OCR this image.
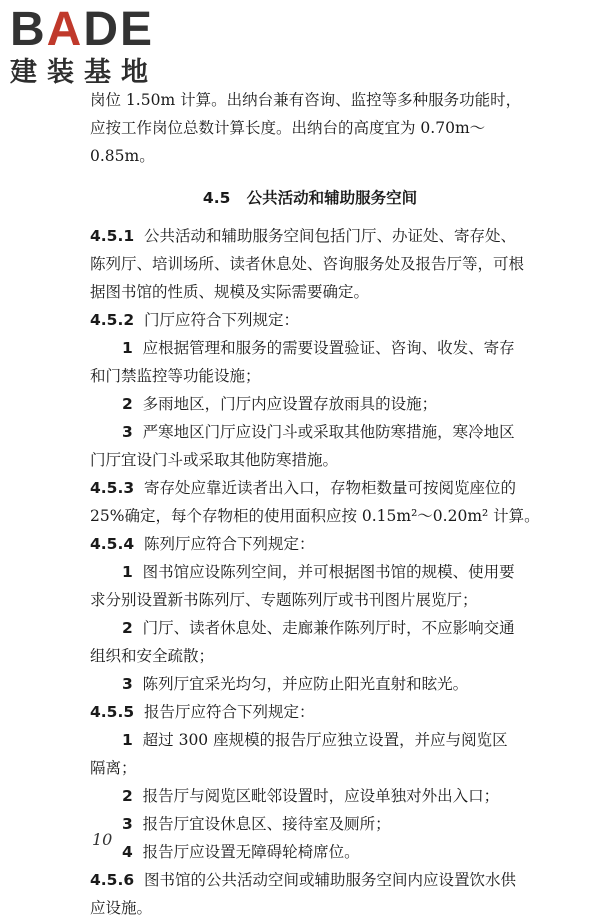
BADE
建装基地
岗位 1.50m 计算。出纳台兼有咨询、监控等多种服务功能时，
应按工作岗位总数计算长度。出纳台的高度宜为 0.70m～
0.85m。
4.5 公共活动和辅助服务空间
4.5.1 公共活动和辅助服务空间包括门厅、办证处、寄存处、
陈列厅、培训场所、读者休息处、咨询服务处及报告厅等，可根
据图书馆的性质、规模及实际需要确定。
4.5.2 门厅应符合下列规定：
1 应根据管理和服务的需要设置验证、咨询、收发、寄存
和门禁监控等功能设施；
2 多雨地区，门厅内应设置存放雨具的设施；
3 严寒地区门厅应设门斗或采取其他防寒措施，寒冷地区
门厅宜设门斗或采取其他防寒措施。
4.5.3 寄存处应靠近读者出入口，存物柜数量可按阅览座位的
25%确定，每个存物柜的使用面积应按 0.15m²～0.20m² 计算。
4.5.4 陈列厅应符合下列规定：
1 图书馆应设陈列空间，并可根据图书馆的规模、使用要
求分别设置新书陈列厅、专题陈列厅或书刊图片展览厅；
2 门厅、读者休息处、走廊兼作陈列厅时，不应影响交通
组织和安全疏散；
3 陈列厅宜采光均匀，并应防止阳光直射和眩光。
4.5.5 报告厅应符合下列规定：
1 超过 300 座规模的报告厅应独立设置，并应与阅览区
隔离；
2 报告厅与阅览区毗邻设置时，应设单独对外出入口；
3 报告厅宜设休息区、接待室及厕所；
4 报告厅应设置无障碍轮椅席位。
4.5.6 图书馆的公共活动空间或辅助服务空间内应设置饮水供
应设施。
10
